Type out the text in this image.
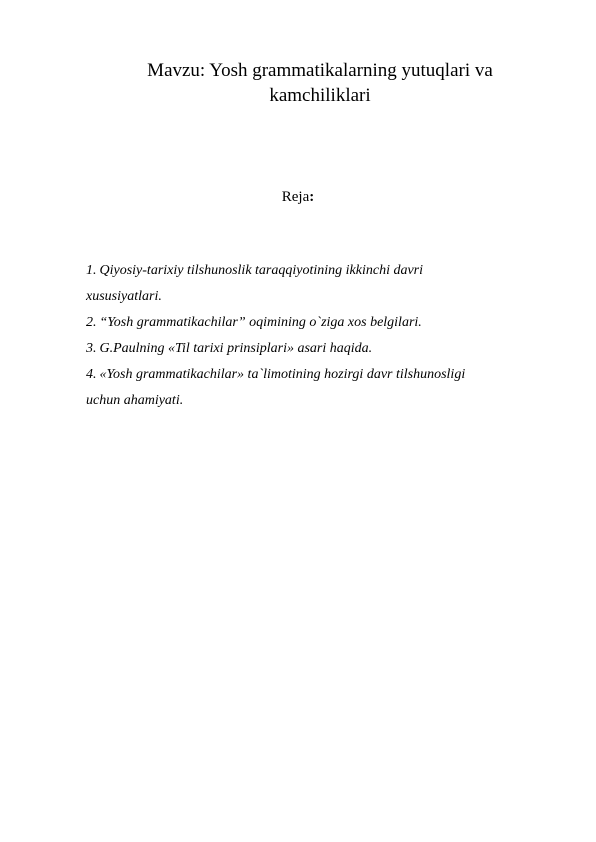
Mavzu: Yosh grammatikalarning yutuqlari va
kamchiliklari

Reja:

1. Qiyosiy-tarixiy tilshunoslik taraqqiyotining ikkinchi davri
xususiyatlari.
2. “Yosh grammatikachilar” oqimining o`ziga xos belgilari.
3. G.Paulning «Til tarixi prinsiplari» asari haqida.
4. «Yosh grammatikachilar» ta`limotining hozirgi davr tilshunosligi
uchun ahamiyati.
